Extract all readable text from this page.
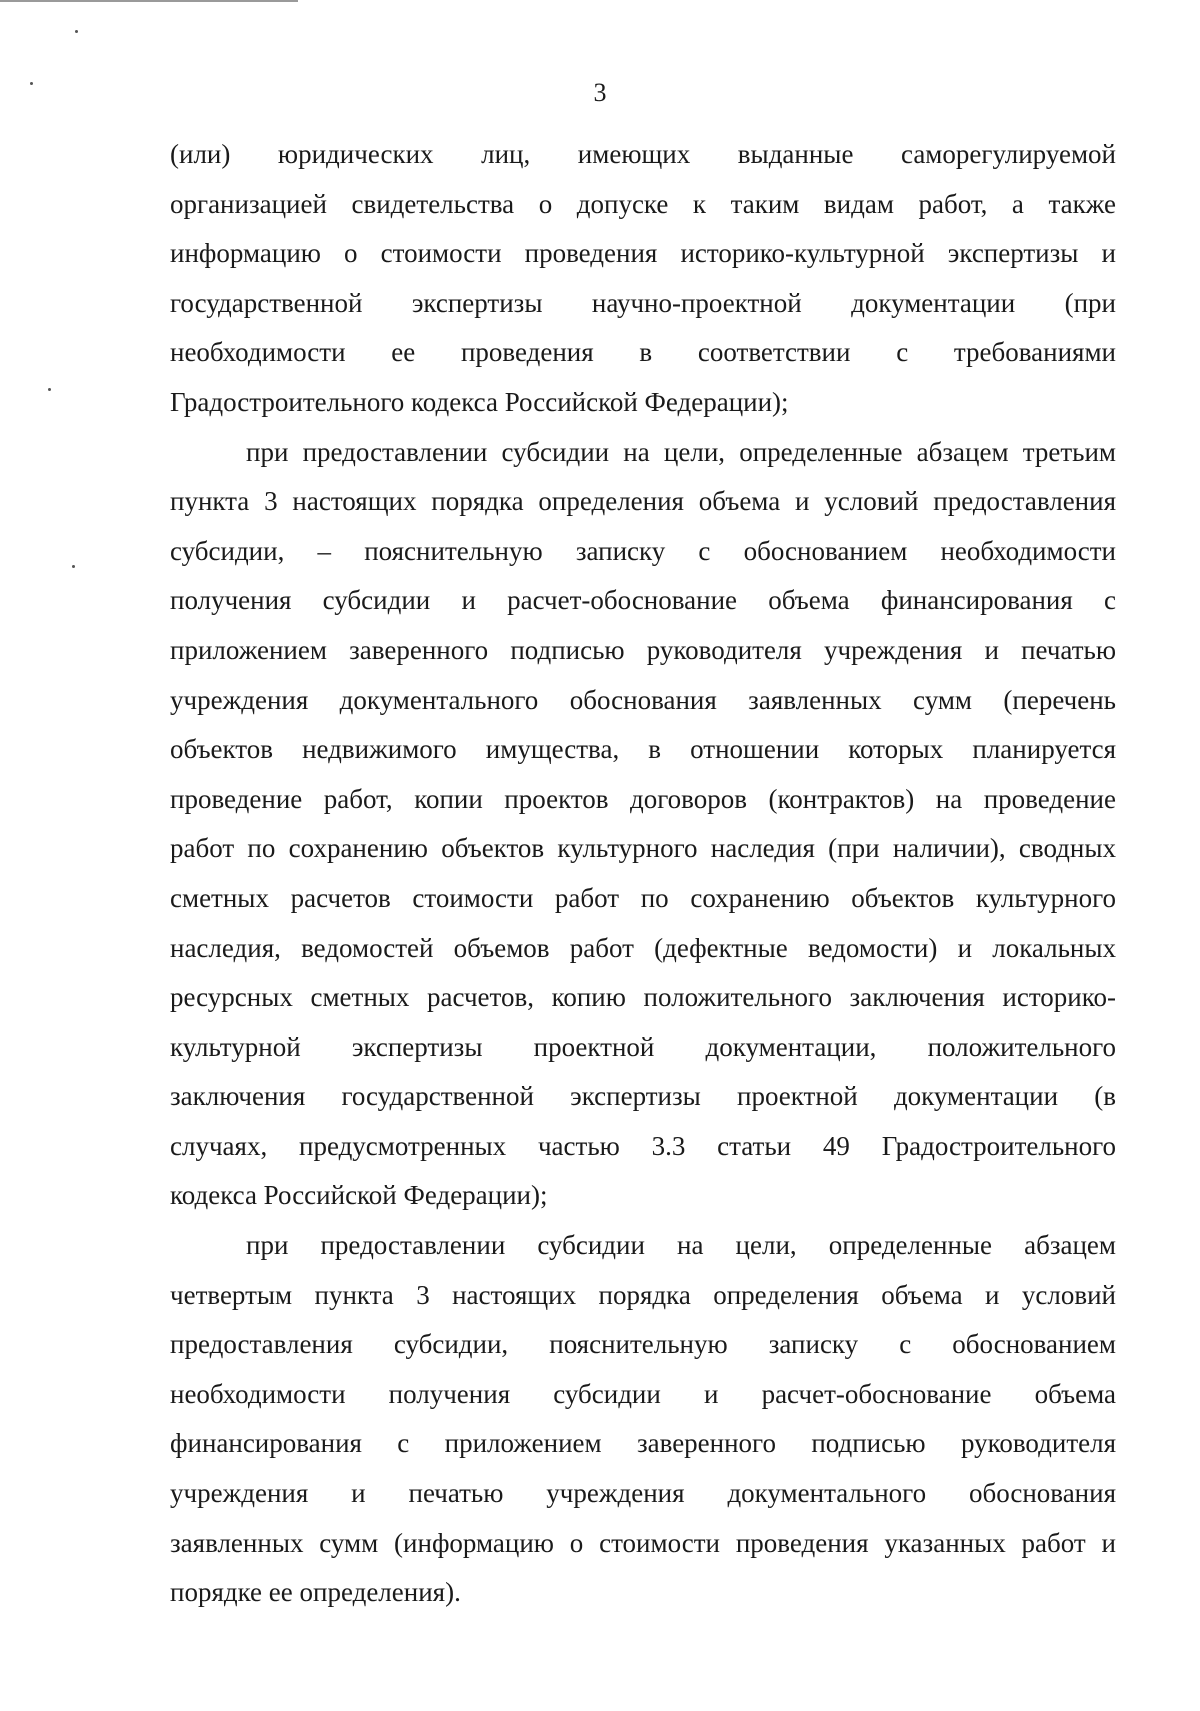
3
(или) юридических лиц, имеющих выданные саморегулируемой
организацией свидетельства о допуске к таким видам работ, а также
информацию о стоимости проведения историко-культурной экспертизы и
государственной экспертизы научно-проектной документации (при
необходимости ее проведения в соответствии с требованиями
Градостроительного кодекса Российской Федерации);
при предоставлении субсидии на цели, определенные абзацем третьим
пункта 3 настоящих порядка определения объема и условий предоставления
субсидии, – пояснительную записку с обоснованием необходимости
получения субсидии и расчет-обоснование объема финансирования с
приложением заверенного подписью руководителя учреждения и печатью
учреждения документального обоснования заявленных сумм (перечень
объектов недвижимого имущества, в отношении которых планируется
проведение работ, копии проектов договоров (контрактов) на проведение
работ по сохранению объектов культурного наследия (при наличии), сводных
сметных расчетов стоимости работ по сохранению объектов культурного
наследия, ведомостей объемов работ (дефектные ведомости) и локальных
ресурсных сметных расчетов, копию положительного заключения историко-
культурной экспертизы проектной документации, положительного
заключения государственной экспертизы проектной документации (в
случаях, предусмотренных частью 3.3 статьи 49 Градостроительного
кодекса Российской Федерации);
при предоставлении субсидии на цели, определенные абзацем
четвертым пункта 3 настоящих порядка определения объема и условий
предоставления субсидии, пояснительную записку с обоснованием
необходимости получения субсидии и расчет-обоснование объема
финансирования с приложением заверенного подписью руководителя
учреждения и печатью учреждения документального обоснования
заявленных сумм (информацию о стоимости проведения указанных работ и
порядке ее определения).
